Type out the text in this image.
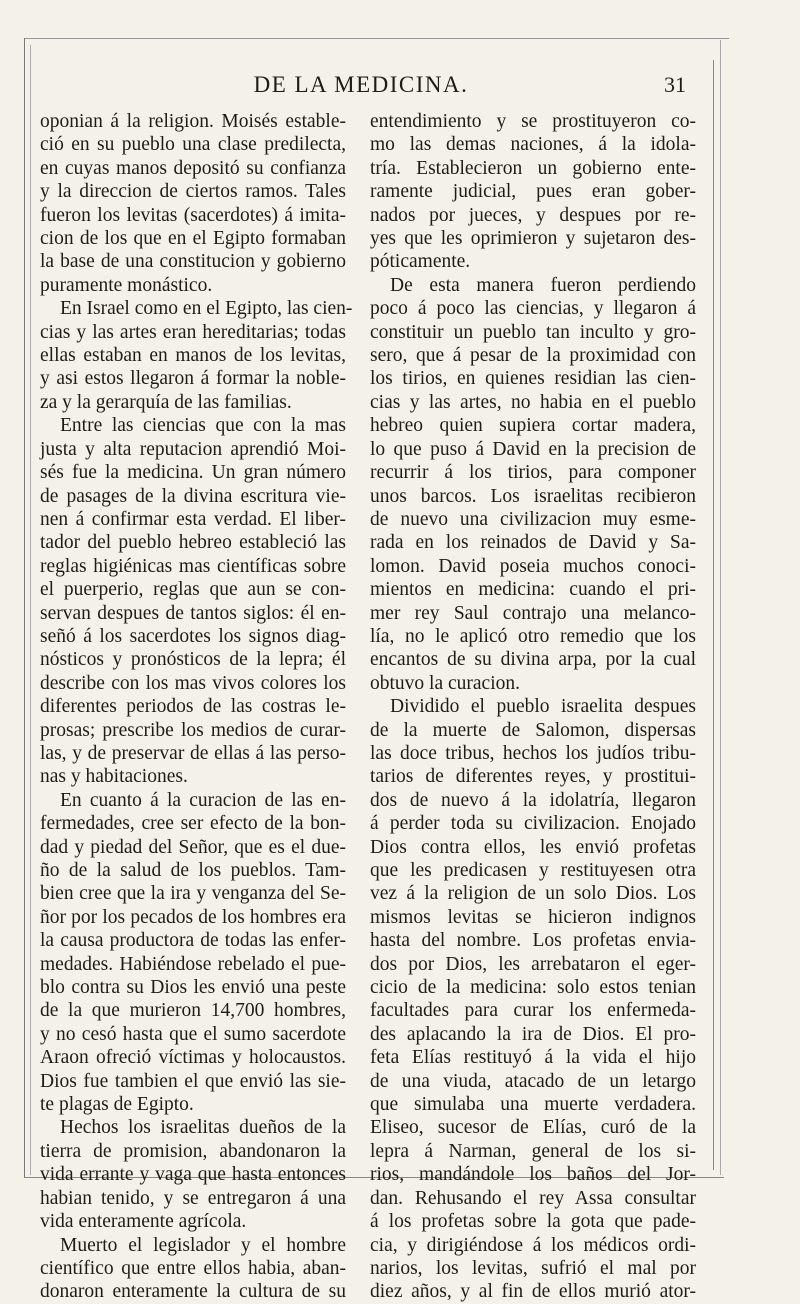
DE LA MEDICINA.	31
oponian á la religion. Moisés estable-
ció en su pueblo una clase predilecta,
en cuyas manos depositó su confianza
y la direccion de ciertos ramos. Tales
fueron los levitas (sacerdotes) á imita-
cion de los que en el Egipto formaban
la base de una constitucion y gobierno
puramente monástico.
En Israel como en el Egipto, las cien-
cias y las artes eran hereditarias; todas
ellas estaban en manos de los levitas,
y asi estos llegaron á formar la noble-
za y la gerarquía de las familias.
Entre las ciencias que con la mas
justa y alta reputacion aprendió Moi-
sés fue la medicina. Un gran número
de pasages de la divina escritura vie-
nen á confirmar esta verdad. El liber-
tador del pueblo hebreo estableció las
reglas higiénicas mas científicas sobre
el puerperio, reglas que aun se con-
servan despues de tantos siglos: él en-
señó á los sacerdotes los signos diag-
nósticos y pronósticos de la lepra; él
describe con los mas vivos colores los
diferentes periodos de las costras le-
prosas; prescribe los medios de curar-
las, y de preservar de ellas á las perso-
nas y habitaciones.
En cuanto á la curacion de las en-
fermedades, cree ser efecto de la bon-
dad y piedad del Señor, que es el due-
ño de la salud de los pueblos. Tam-
bien cree que la ira y venganza del Se-
ñor por los pecados de los hombres era
la causa productora de todas las enfer-
medades. Habiéndose rebelado el pue-
blo contra su Dios les envió una peste
de la que murieron 14,700 hombres,
y no cesó hasta que el sumo sacerdote
Araon ofreció víctimas y holocaustos.
Dios fue tambien el que envió las sie-
te plagas de Egipto.
Hechos los israelitas dueños de la
tierra de promision, abandonaron la
vida errante y vaga que hasta entonces
habian tenido, y se entregaron á una
vida enteramente agrícola.
Muerto el legislador y el hombre
científico que entre ellos habia, aban-
donaron enteramente la cultura de su
entendimiento y se prostituyeron co-
mo las demas naciones, á la idola-
tría. Establecieron un gobierno ente-
ramente judicial, pues eran gober-
nados por jueces, y despues por re-
yes que les oprimieron y sujetaron des-
póticamente.
De esta manera fueron perdiendo
poco á poco las ciencias, y llegaron á
constituir un pueblo tan inculto y gro-
sero, que á pesar de la proximidad con
los tirios, en quienes residian las cien-
cias y las artes, no habia en el pueblo
hebreo quien supiera cortar madera,
lo que puso á David en la precision de
recurrir á los tirios, para componer
unos barcos. Los israelitas recibieron
de nuevo una civilizacion muy esme-
rada en los reinados de David y Sa-
lomon. David poseia muchos conoci-
mientos en medicina: cuando el pri-
mer rey Saul contrajo una melanco-
lía, no le aplicó otro remedio que los
encantos de su divina arpa, por la cual
obtuvo la curacion.
Dividido el pueblo israelita despues
de la muerte de Salomon, dispersas
las doce tribus, hechos los judíos tribu-
tarios de diferentes reyes, y prostitui-
dos de nuevo á la idolatría, llegaron
á perder toda su civilizacion. Enojado
Dios contra ellos, les envió profetas
que les predicasen y restituyesen otra
vez á la religion de un solo Dios. Los
mismos levitas se hicieron indignos
hasta del nombre. Los profetas envia-
dos por Dios, les arrebataron el eger-
cicio de la medicina: solo estos tenian
facultades para curar los enfermeda-
des aplacando la ira de Dios. El pro-
feta Elías restituyó á la vida el hijo
de una viuda, atacado de un letargo
que simulaba una muerte verdadera.
Eliseo, sucesor de Elías, curó de la
lepra á Narman, general de los si-
rios, mandándole los baños del Jor-
dan. Rehusando el rey Assa consultar
á los profetas sobre la gota que pade-
cia, y dirigiéndose á los médicos ordi-
narios, los levitas, sufrió el mal por
diez años, y al fin de ellos murió ator-
